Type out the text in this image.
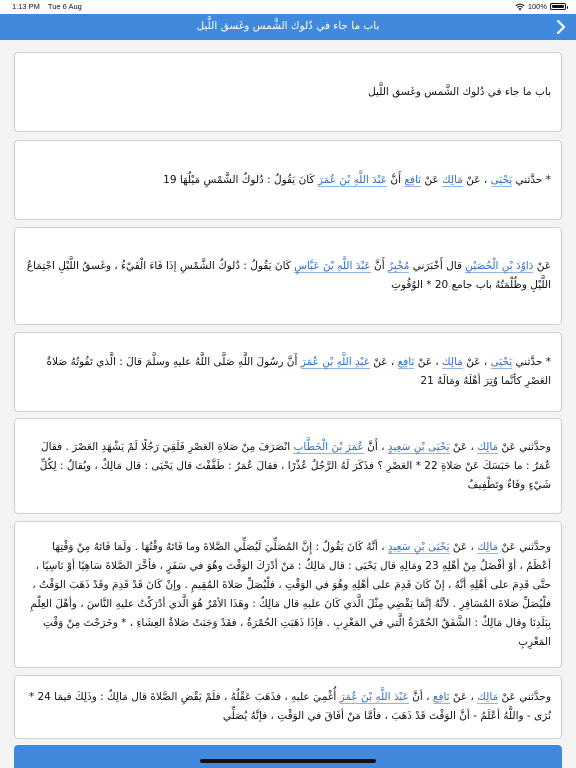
1:13 PM Tue 6 Aug	100%
باب ما جاء في دُلوك الشَّمس وغَسق اللَّيل

باب ما جاء في دُلوك الشَّمس وغَسق اللَّيل

* حدَّثني يَحْيَى ، عَنْ مَالِك عَنْ نَافِع أَنَّ عَبْدَ اللَّهِ بْنَ عُمَرَ كَانَ يَقُولُ : دُلوكُ الشَّمْسِ مَيْلُهَا 19

عَنْ دَاوُدَ بْنِ الْحُصَيْنِ قال أَخْبَرَني مُخْبِرٌ أَنَّ عَبْدَ اللَّهِ بْنَ عَبَّاسٍ كَانَ يَقُولُ : دُلوكُ الشَّمْسِ إذَا فَاءَ الْفَيْءُ ، وغَسقُ اللَّيْلِ اجْتِمَاعُ اللَّيْلِ وظُلْمَتُهُ باب جامع 20 * الوُقُوتِ

* حدَّثني يَحْيَى ، عَنْ مَالِك ، عَنْ نَافِع ، عَنْ عَبْدِ اللَّهِ بْنِ عُمَرَ أَنَّ رسُولَ اللَّهِ صَلَّى اللَّهُ عليهِ وسلَّمَ قالَ : الَّذي تَفُوتُهُ صَلاةُ العَصْرِ كأنَّما وُتِرَ أهْلَهُ ومَالَهُ 21

وحدَّثني عَنْ مَالِك ، عَنْ يَحْيَى بْنِ سَعِيدٍ ، أَنَّ عُمَرَ بْنَ الْخَطَّابِ انْصَرَفَ مِنْ صَلاةِ العَصْرِ فَلَقِيَ رَجُلًا لَمْ يَشْهَدِ العَصْرَ . فقالَ عُمَرُ : ما حَبَسَكَ عَنْ صَلاةِ 22 * العَصْرِ ؟ فذَكَرَ لَهُ الرَّجُلُ عُذْرًا ، فقالَ عُمَرُ : طَفَّفْتَ قال يَحْيَى : قال مَالِكٌ ، ويُقالُ : لِكُلِّ شَيْءٍ وفَاءٌ وتَطْفِيفٌ

وحدَّثني عَنْ مَالِك ، عَنْ يَحْيَى بْنِ سَعِيدٍ ، أنَّهُ كَانَ يَقُولُ : إِنَّ المُصَلِّيَ لَيُصَلِّي الصَّلاةَ وما فَاتَهُ وقْتُهَا . ولَمَا فَاتَهُ مِنْ وَقْتِهَا أعْظَمُ ، أوْ أفْضَلُ مِنْ أهْلِهِ 23 ومَالِهِ قال يَحْيَى : قال مَالِكٌ : مَنْ أدْرَكَ الوَقْتَ وهُوَ في سَفَرٍ ، فأخَّرَ الصَّلاةَ سَاهِيًا أوْ نَاسِيًا ، حتَّى قَدِمَ على أهْلِهِ أنَّهُ ، إنْ كَانَ قَدِمَ على أهْلِهِ وهُوَ في الوَقْتِ ، فلْيُصَلِّ صَلاةَ المُقِيمِ . وإنْ كَانَ قَدْ قَدِمَ وقَدْ ذَهَبَ الوَقْتُ ، فلْيُصَلِّ صَلاةَ المُسَافِرِ . لأنَّهُ إنَّمَا يَقْضِي مِثْلَ الَّذي كَانَ عليهِ قال مَالِكٌ : وهَذَا الأمْرُ هُوَ الَّذي أدْرَكْتُ عليهِ النَّاسَ ، وأهْلَ العِلْمِ بِبَلَدِنَا وقال مَالِكٌ : الشَّفَقُ الحُمْرَةُ الَّتي في المَغْرِبِ . فإذَا ذَهَبَتِ الحُمْرَةُ ، فقَدْ وَجَبَتْ صَلاةُ العِشَاءِ ، * وخَرَجْتَ مِنْ وَقْتِ المَغْرِبِ

وحدَّثني عَنْ مَالِك ، عَنْ نَافِع ، أنَّ عَبْدَ اللَّهِ بْنَ عُمَرَ أُغْمِيَ عليهِ ، فذَهَبَ عَقْلُهُ ، فلَمْ يَقْضِ الصَّلاةَ قال مَالِكٌ : وذَلِكَ فيمَا 24 * نُرَى - واللَّهُ أعْلَمُ - أنَّ الوَقْتَ قَدْ ذَهَبَ ، فأمَّا مَنْ أفَاقَ في الوَقْتِ ، فإنَّهُ يُصَلِّي
